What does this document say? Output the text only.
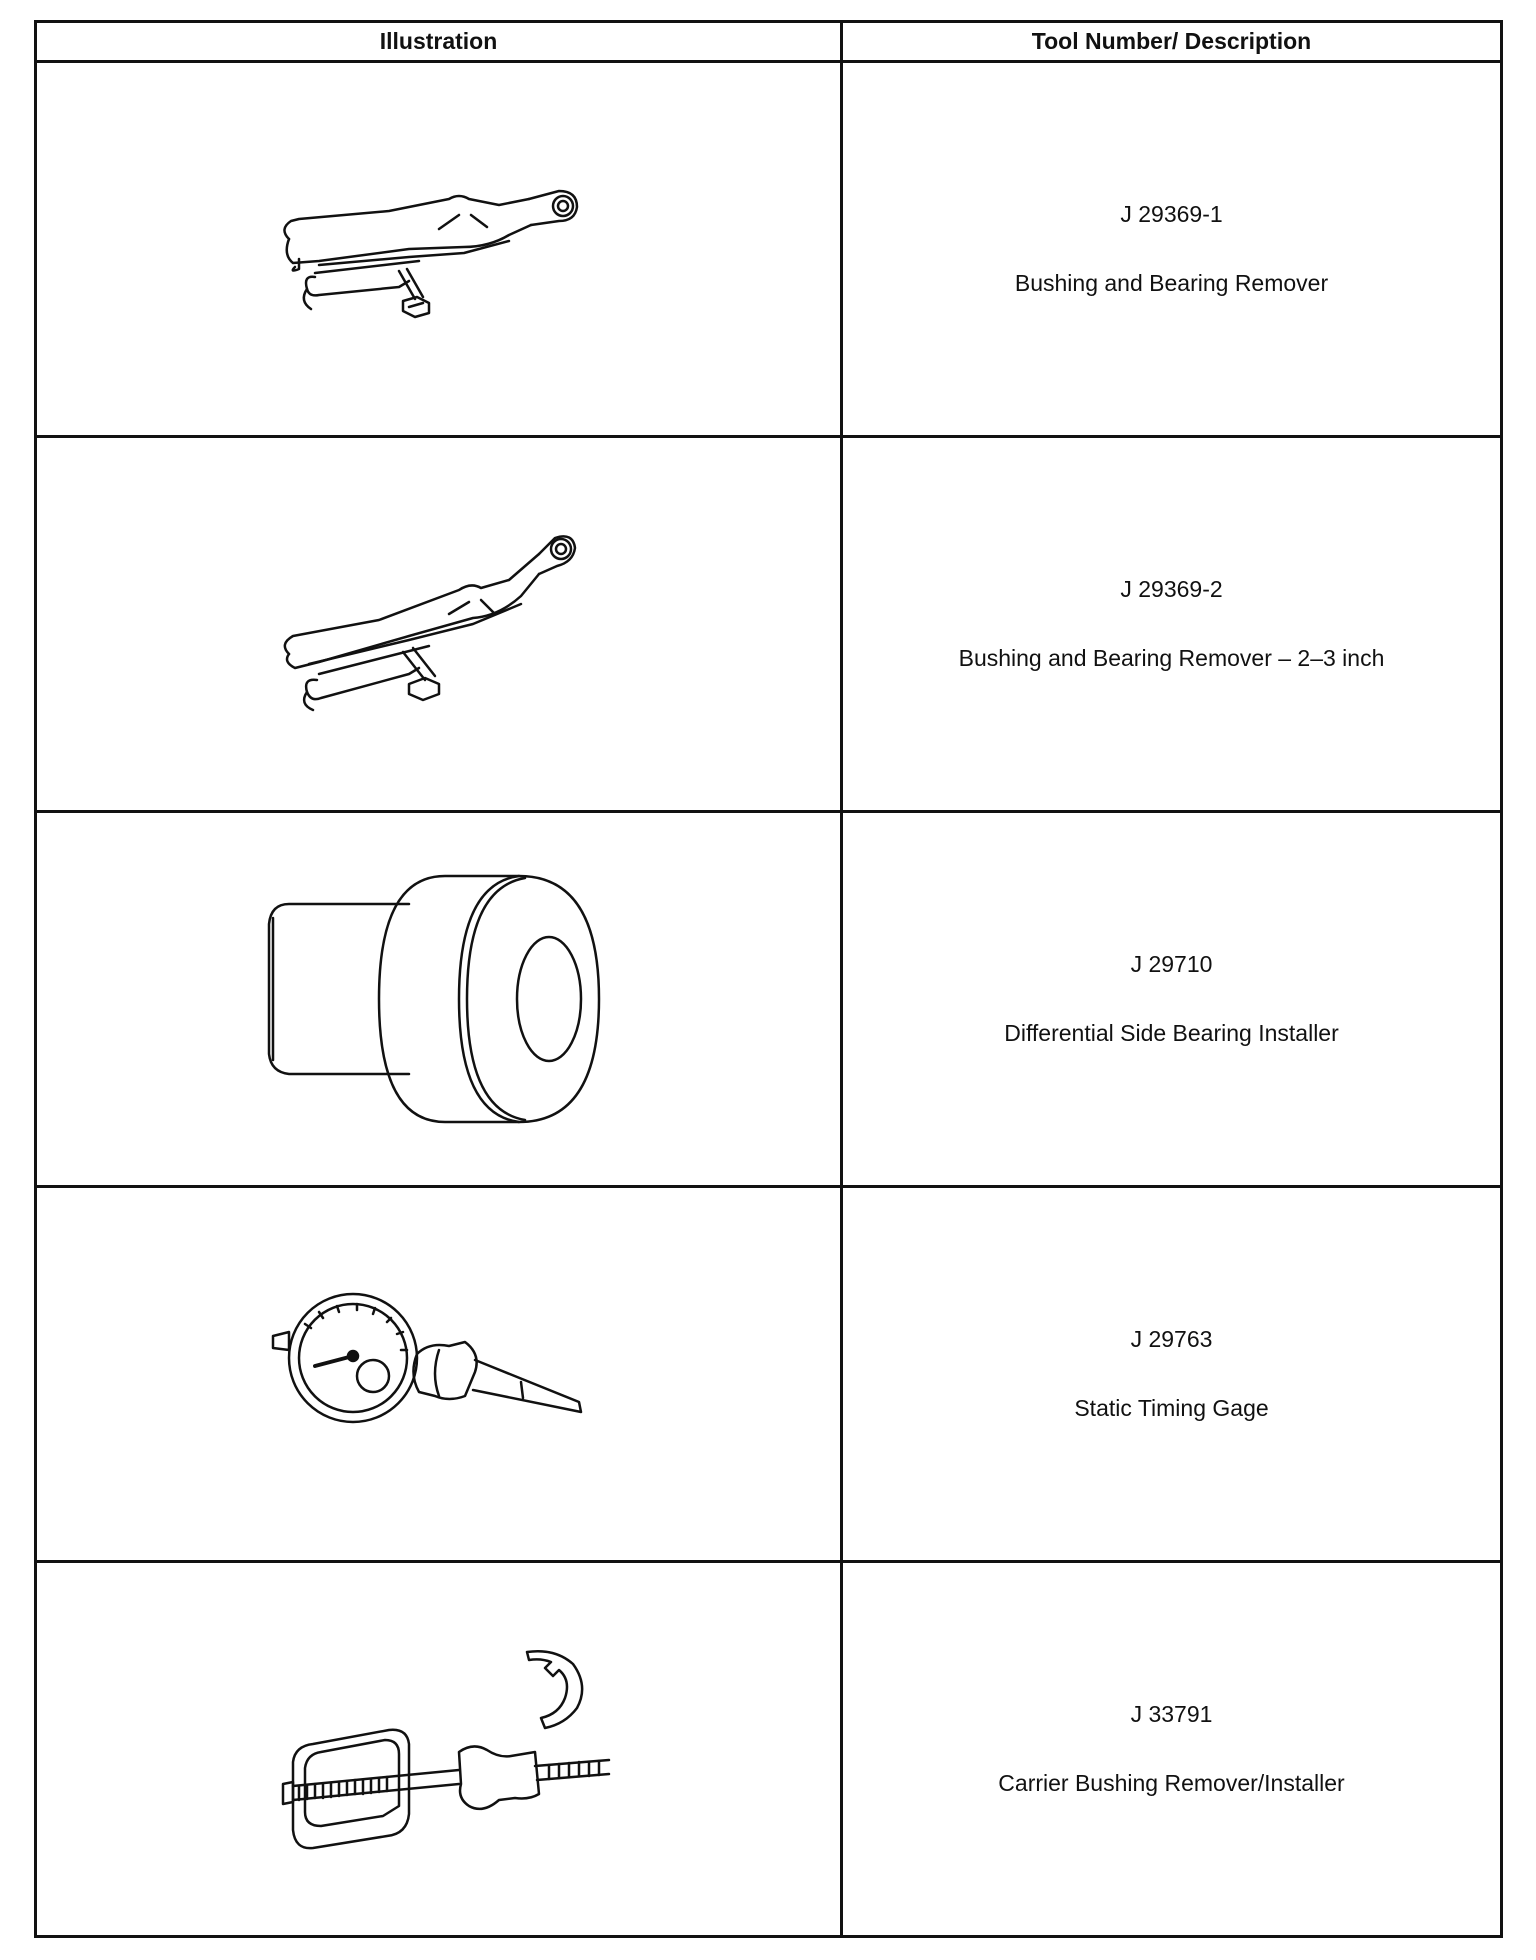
Illustration	Tool Number/ Description

J 29369-1
Bushing and Bearing Remover

J 29369-2
Bushing and Bearing Remover – 2–3 inch

J 29710
Differential Side Bearing Installer

J 29763
Static Timing Gage

J 33791
Carrier Bushing Remover/Installer
